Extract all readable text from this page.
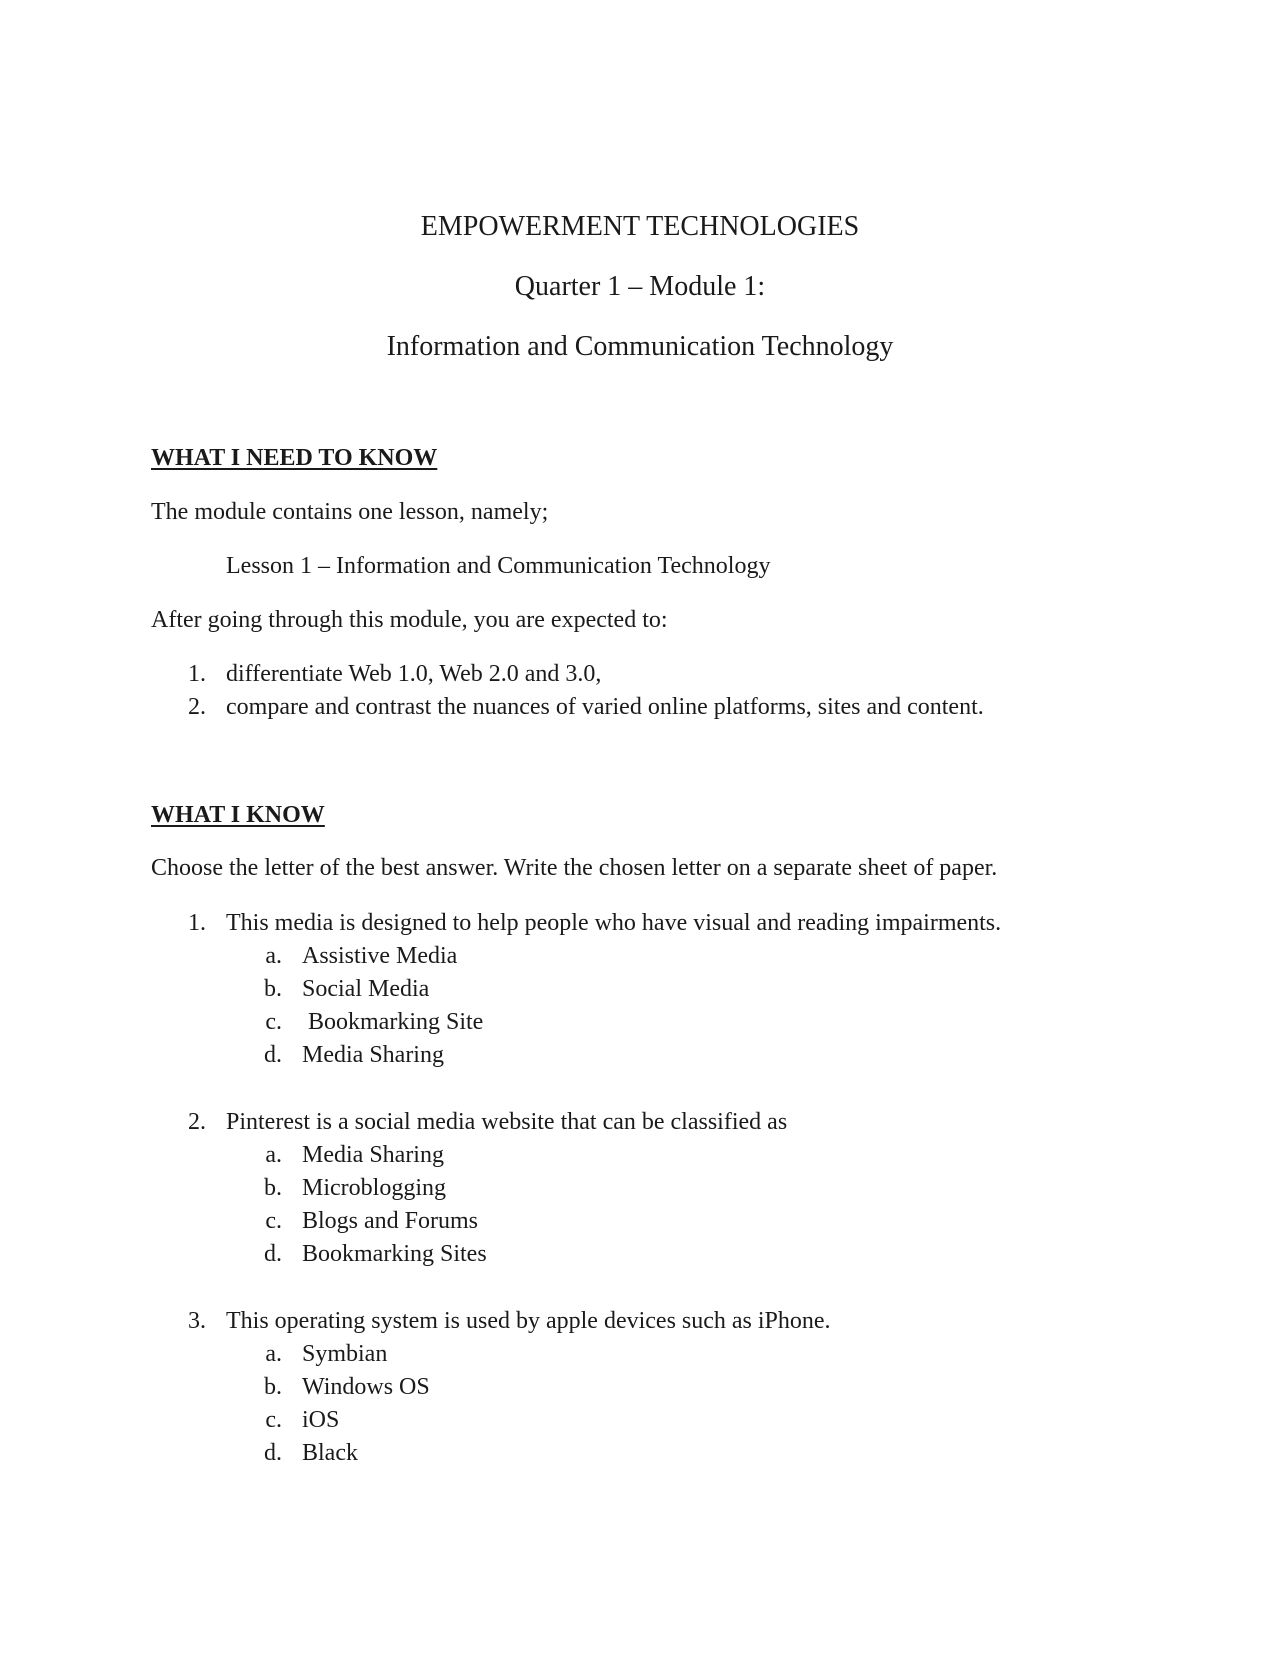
EMPOWERMENT TECHNOLOGIES
Quarter 1 – Module 1:
Information and Communication Technology
WHAT I NEED TO KNOW
The module contains one lesson, namely;
Lesson 1 – Information and Communication Technology
After going through this module, you are expected to:
1. differentiate Web 1.0, Web 2.0 and 3.0,
2. compare and contrast the nuances of varied online platforms, sites and content.
WHAT I KNOW
Choose the letter of the best answer. Write the chosen letter on a separate sheet of paper.
1. This media is designed to help people who have visual and reading impairments.
a. Assistive Media
b. Social Media
c. Bookmarking Site
d. Media Sharing
2. Pinterest is a social media website that can be classified as
a. Media Sharing
b. Microblogging
c. Blogs and Forums
d. Bookmarking Sites
3. This operating system is used by apple devices such as iPhone.
a. Symbian
b. Windows OS
c. iOS
d. Black
